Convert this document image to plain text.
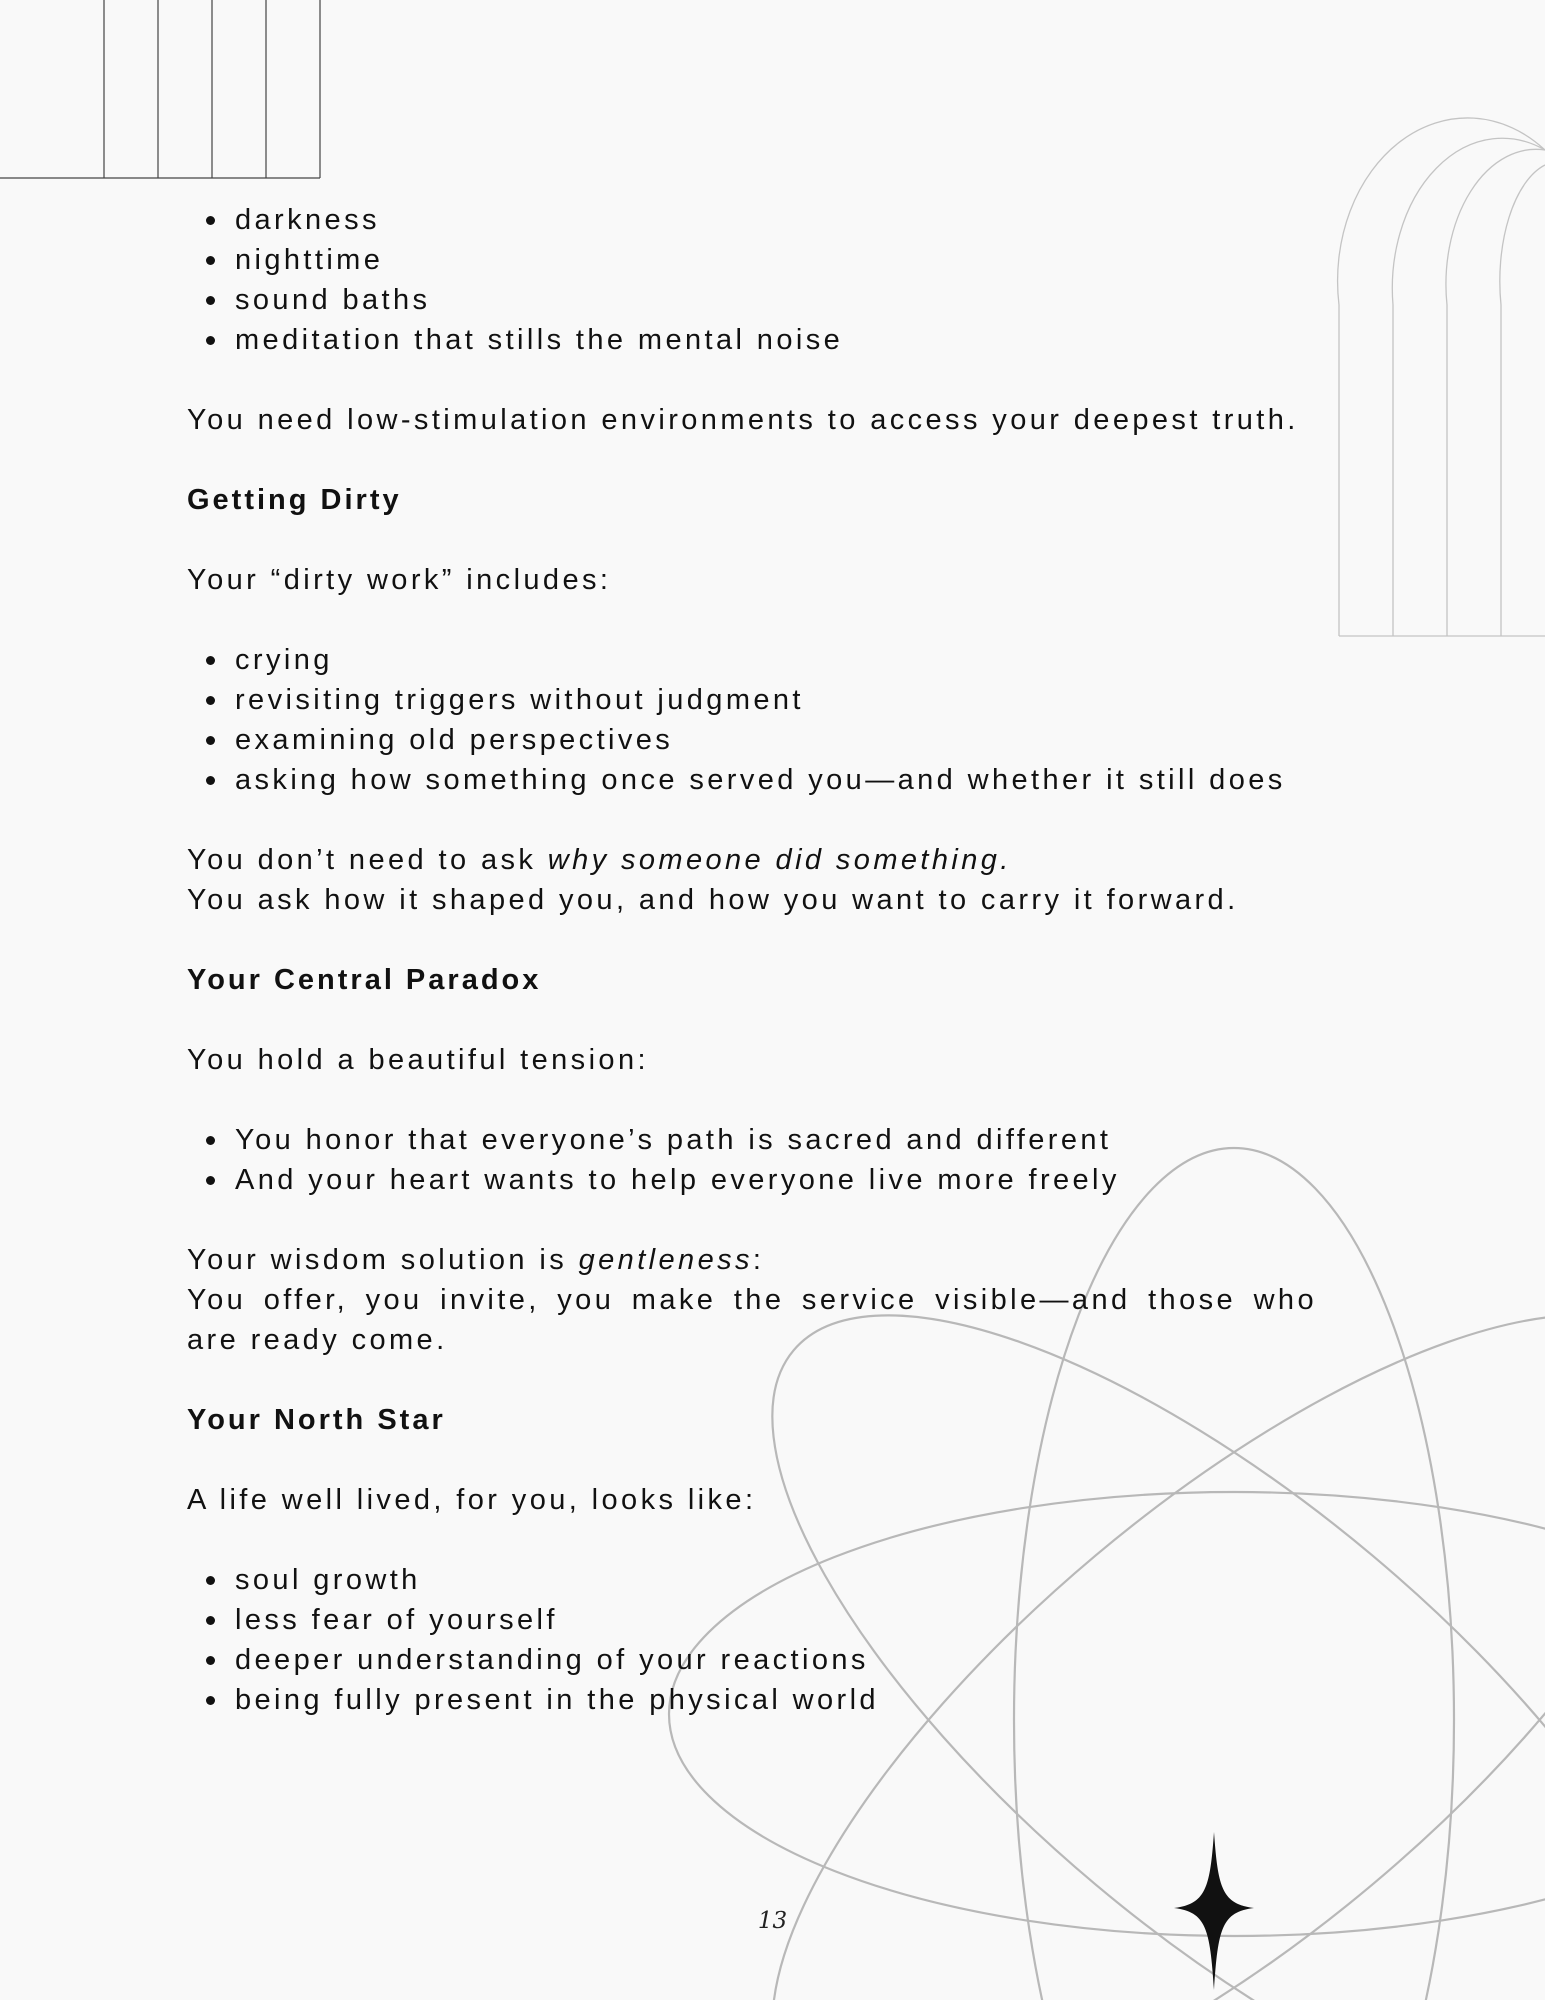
darkness
nighttime
sound baths
meditation that stills the mental noise

You need low-stimulation environments to access your deepest truth.

Getting Dirty

Your “dirty work” includes:

crying
revisiting triggers without judgment
examining old perspectives
asking how something once served you—and whether it still does

You don’t need to ask why someone did something.

You ask how it shaped you, and how you want to carry it forward.

Your Central Paradox

You hold a beautiful tension:

You honor that everyone’s path is sacred and different
And your heart wants to help everyone live more freely

Your wisdom solution is gentleness:

You offer, you invite, you make the service visible—and those who are ready come.

Your North Star

A life well lived, for you, looks like:

soul growth
less fear of yourself
deeper understanding of your reactions
being fully present in the physical world
13
